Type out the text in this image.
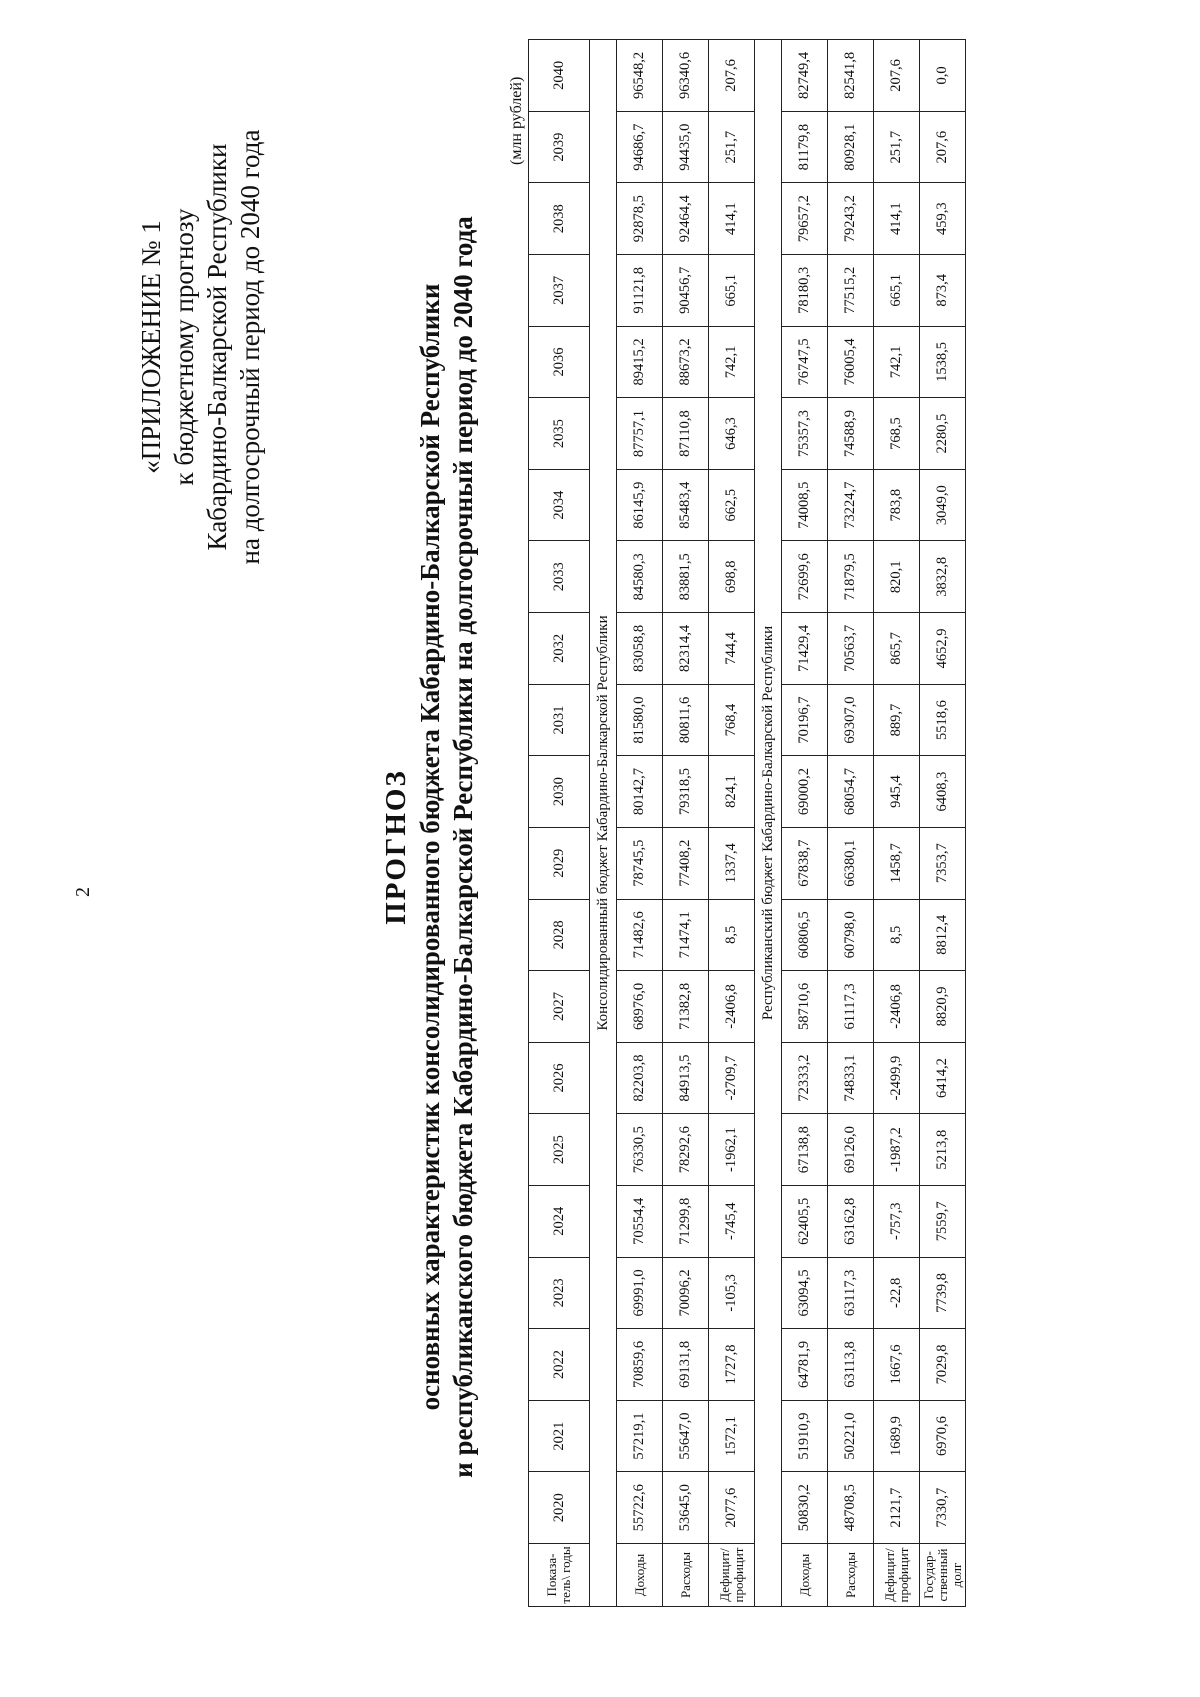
2
«ПРИЛОЖЕНИЕ № 1 к бюджетному прогнозу Кабардино-Балкарской Республики на долгосрочный период до 2040 года
ПРОГНОЗ основных характеристик консолидированного бюджета Кабардино-Балкарской Республики и республиканского бюджета Кабардино-Балкарской Республики на долгосрочный период до 2040 года
(млн рублей)
Показа-тель\ годы	2020	2021	2022	2023	2024	2025	2026	2027	2028	2029	2030	2031	2032	2033	2034	2035	2036	2037	2038	2039	2040
Консолидированный бюджет Кабардино-Балкарской Республики																					
Доходы	55722,6	57219,1	70859,6	69991,0	70554,4	76330,5	82203,8	68976,0	71482,6	78745,5	80142,7	81580,0	83058,8	84580,3	86145,9	87757,1	89415,2	91121,8	92878,5	94686,7	96548,2
Расходы	53645,0	55647,0	69131,8	70096,2	71299,8	78292,6	84913,5	71382,8	71474,1	77408,2	79318,5	80811,6	82314,4	83881,5	85483,4	87110,8	88673,2	90456,7	92464,4	94435,0	96340,6
Дефицит/ профицит	2077,6	1572,1	1727,8	-105,3	-745,4	-1962,1	-2709,7	-2406,8	8,5	1337,4	824,1	768,4	744,4	698,8	662,5	646,3	742,1	665,1	414,1	251,7	207,6
Республиканский бюджет Кабардино-Балкарской Республики																					
Доходы	50830,2	51910,9	64781,9	63094,5	62405,5	67138,8	72333,2	58710,6	60806,5	67838,7	69000,2	70196,7	71429,4	72699,6	74008,5	75357,3	76747,5	78180,3	79657,2	81179,8	82749,4
Расходы	48708,5	50221,0	63113,8	63117,3	63162,8	69126,0	74833,1	61117,3	60798,0	66380,1	68054,7	69307,0	70563,7	71879,5	73224,7	74588,9	76005,4	77515,2	79243,2	80928,1	82541,8
Дефицит/ профицит	2121,7	1689,9	1667,6	-22,8	-757,3	-1987,2	-2499,9	-2406,8	8,5	1458,7	945,4	889,7	865,7	820,1	783,8	768,5	742,1	665,1	414,1	251,7	207,6
Государ-ственный долг	7330,7	6970,6	7029,8	7739,8	7559,7	5213,8	6414,2	8820,9	8812,4	7353,7	6408,3	5518,6	4652,9	3832,8	3049,0	2280,5	1538,5	873,4	459,3	207,6	0,0
